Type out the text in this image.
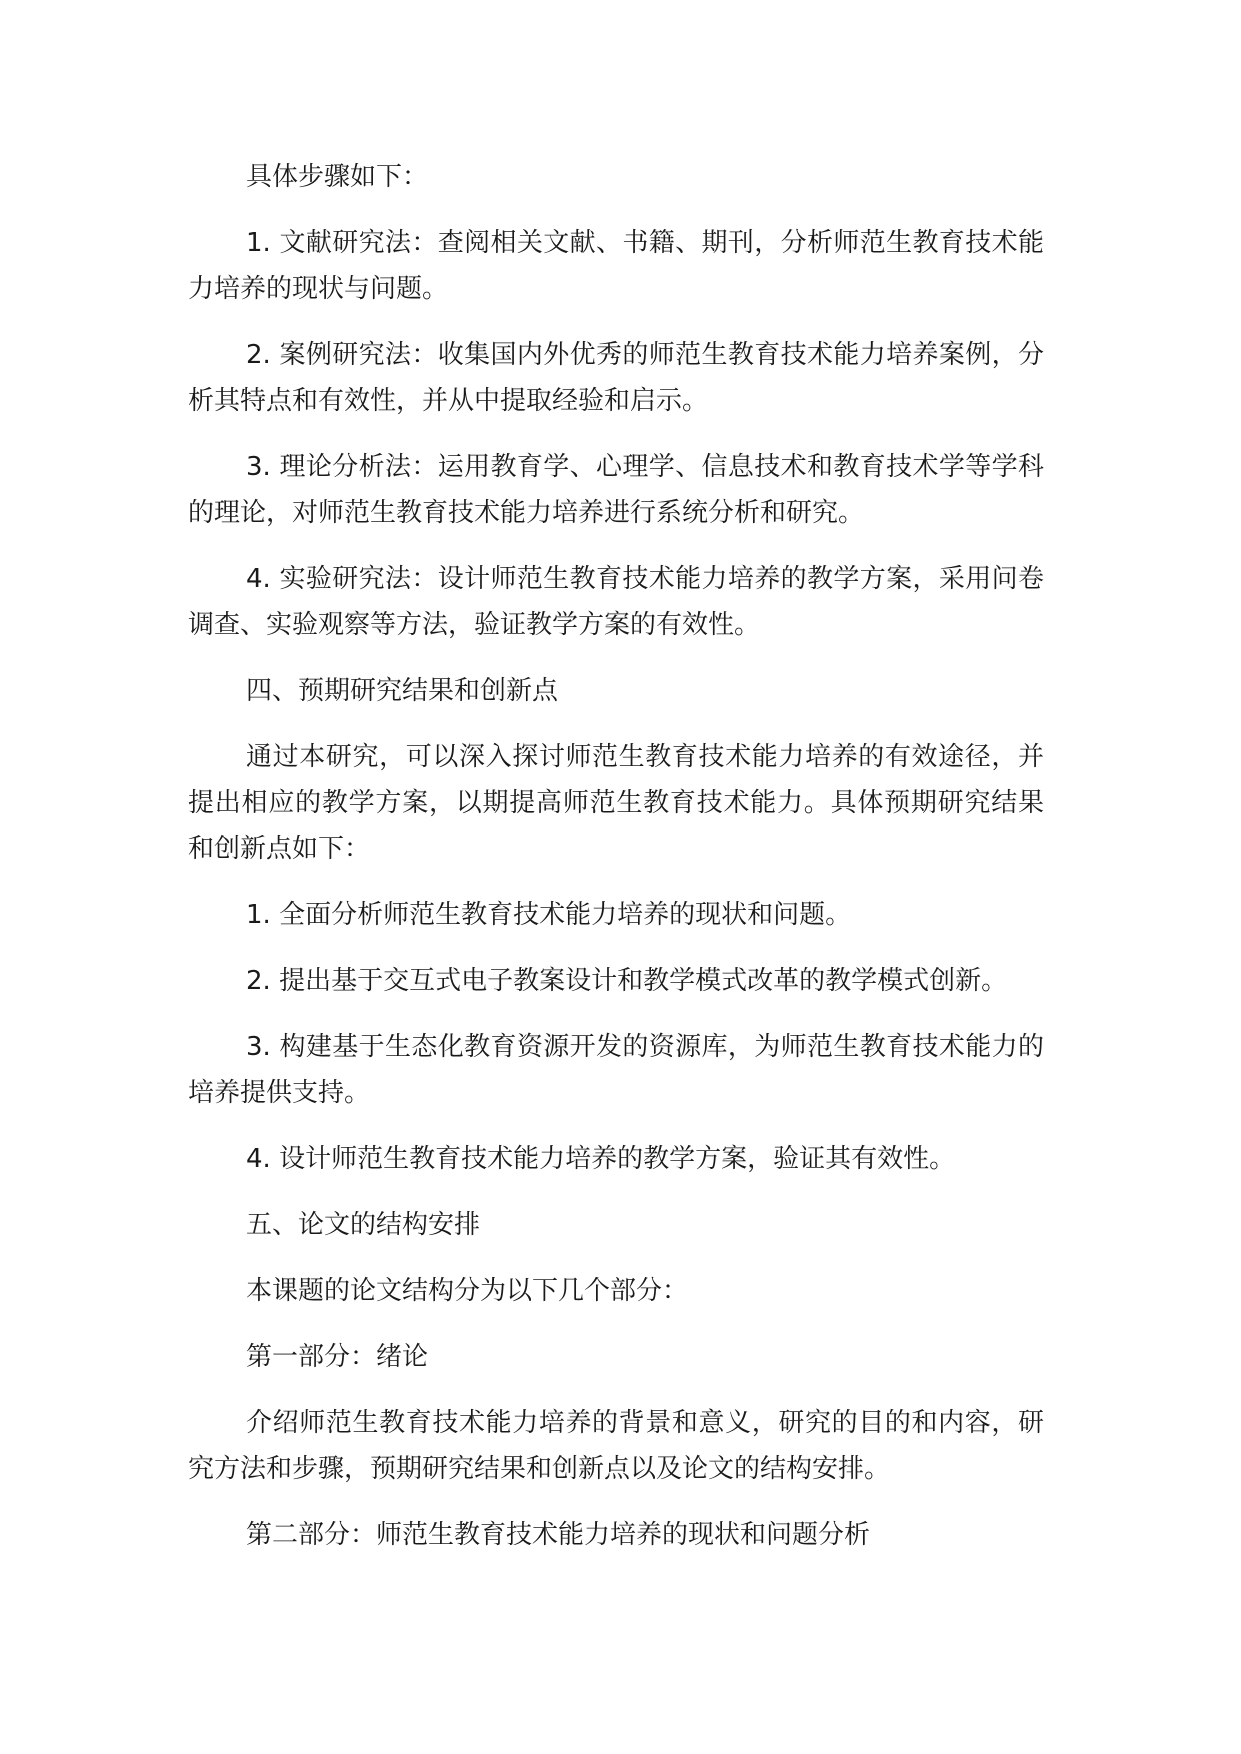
具体步骤如下：

1. 文献研究法：查阅相关文献、书籍、期刊，分析师范生教育技术能力培养的现状与问题。

2. 案例研究法：收集国内外优秀的师范生教育技术能力培养案例，分析其特点和有效性，并从中提取经验和启示。

3. 理论分析法：运用教育学、心理学、信息技术和教育技术学等学科的理论，对师范生教育技术能力培养进行系统分析和研究。

4. 实验研究法：设计师范生教育技术能力培养的教学方案，采用问卷调查、实验观察等方法，验证教学方案的有效性。

四、预期研究结果和创新点

通过本研究，可以深入探讨师范生教育技术能力培养的有效途径，并提出相应的教学方案，以期提高师范生教育技术能力。具体预期研究结果和创新点如下：

1. 全面分析师范生教育技术能力培养的现状和问题。

2. 提出基于交互式电子教案设计和教学模式改革的教学模式创新。

3. 构建基于生态化教育资源开发的资源库，为师范生教育技术能力的培养提供支持。

4. 设计师范生教育技术能力培养的教学方案，验证其有效性。

五、论文的结构安排

本课题的论文结构分为以下几个部分：

第一部分：绪论

介绍师范生教育技术能力培养的背景和意义，研究的目的和内容，研究方法和步骤，预期研究结果和创新点以及论文的结构安排。

第二部分：师范生教育技术能力培养的现状和问题分析
